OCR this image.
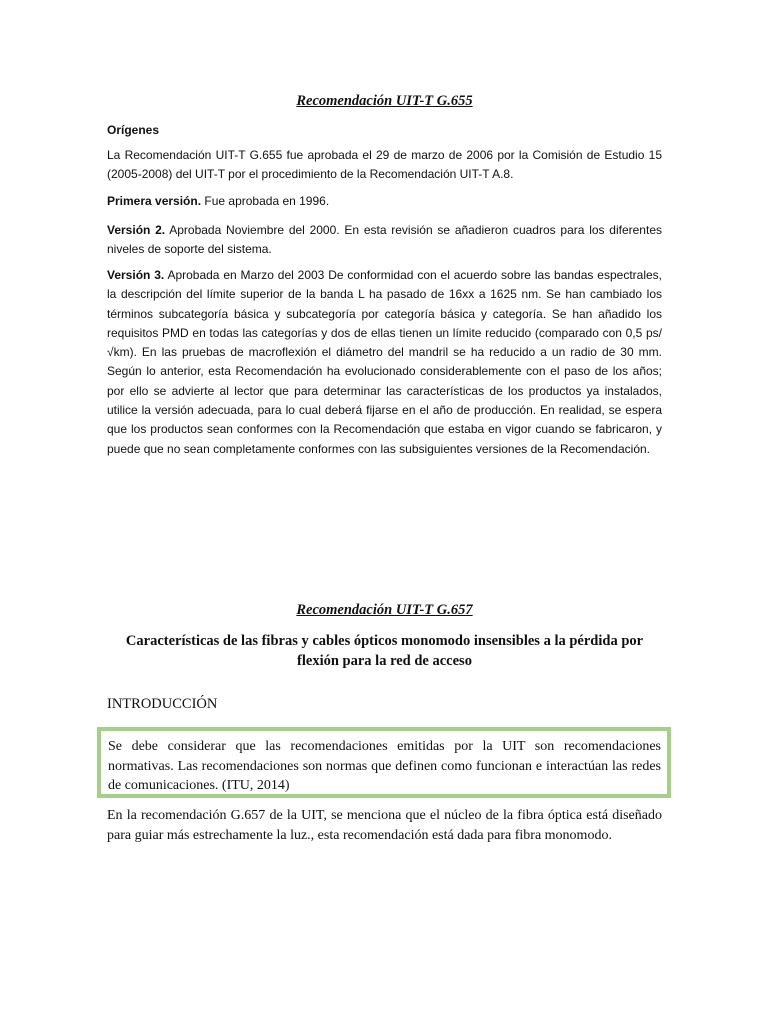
Recomendación UIT-T G.655
Orígenes
La Recomendación UIT-T G.655 fue aprobada el 29 de marzo de 2006 por la Comisión de Estudio 15 (2005-2008) del UIT-T por el procedimiento de la Recomendación UIT-T A.8.
Primera versión. Fue aprobada en 1996.
Versión 2. Aprobada Noviembre del 2000. En esta revisión se añadieron cuadros para los diferentes niveles de soporte del sistema.
Versión 3. Aprobada en Marzo del 2003 De conformidad con el acuerdo sobre las bandas espectrales, la descripción del límite superior de la banda L ha pasado de 16xx a 1625 nm. Se han cambiado los términos subcategoría básica y subcategoría por categoría básica y categoría. Se han añadido los requisitos PMD en todas las categorías y dos de ellas tienen un límite reducido (comparado con 0,5 ps/√km). En las pruebas de macroflexión el diámetro del mandril se ha reducido a un radio de 30 mm. Según lo anterior, esta Recomendación ha evolucionado considerablemente con el paso de los años; por ello se advierte al lector que para determinar las características de los productos ya instalados, utilice la versión adecuada, para lo cual deberá fijarse en el año de producción. En realidad, se espera que los productos sean conformes con la Recomendación que estaba en vigor cuando se fabricaron, y puede que no sean completamente conformes con las subsiguientes versiones de la Recomendación.
Recomendación UIT-T G.657
Características de las fibras y cables ópticos monomodo insensibles a la pérdida por flexión para la red de acceso
INTRODUCCIÓN
Se debe considerar que las recomendaciones emitidas por la UIT son recomendaciones normativas. Las recomendaciones son normas que definen como funcionan e interactúan las redes de comunicaciones. (ITU, 2014)
En la recomendación G.657 de la UIT, se menciona que el núcleo de la fibra óptica está diseñado para guiar más estrechamente la luz., esta recomendación está dada para fibra monomodo.
